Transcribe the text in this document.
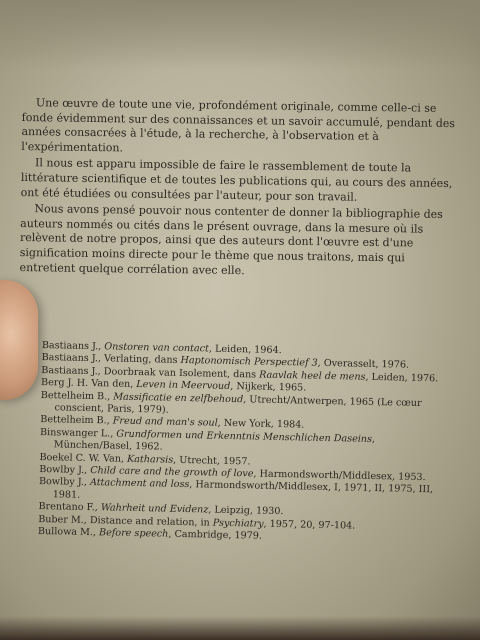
Une œuvre de toute une vie, profondément originale, comme celle-ci se fonde évidemment sur des connaissances et un savoir accumulé, pendant des années consacrées à l'étude, à la recherche, à l'observation et à l'expérimentation.

Il nous est apparu impossible de faire le rassemblement de toute la littérature scientifique et de toutes les publications qui, au cours des années, ont été étudiées ou consultées par l'auteur, pour son travail.

Nous avons pensé pouvoir nous contenter de donner la bibliographie des auteurs nommés ou cités dans le présent ouvrage, dans la mesure où ils relèvent de notre propos, ainsi que des auteurs dont l'œuvre est d'une signification moins directe pour le thème que nous traitons, mais qui entretient quelque corrélation avec elle.

Bastiaans J., Onstoren van contact, Leiden, 1964.

Bastiaans J., Verlating, dans Haptonomisch Perspectief 3, Overasselt, 1976.

Bastiaans J., Doorbraak van Isolement, dans Raavlak heel de mens, Leiden, 1976.

Berg J. H. Van den, Leven in Meervoud, Nijkerk, 1965.

Bettelheim B., Massificatie en zelfbehoud, Utrecht/Antwerpen, 1965 (Le cœur conscient, Paris, 1979).

Bettelheim B., Freud and man's soul, New York, 1984.

Binswanger L., Grundformen und Erkenntnis Menschlichen Daseins, München/Basel, 1962.

Boekel C. W. Van, Katharsis, Utrecht, 1957.

Bowlby J., Child care and the growth of love, Harmondsworth/Middlesex, 1953.

Bowlby J., Attachment and loss, Harmondsworth/Middlesex, I, 1971, II, 1975, III, 1981.

Brentano F., Wahrheit und Evidenz, Leipzig, 1930.

Buber M., Distance and relation, in Psychiatry, 1957, 20, 97-104.

Bullowa M., Before speech, Cambridge, 1979.
